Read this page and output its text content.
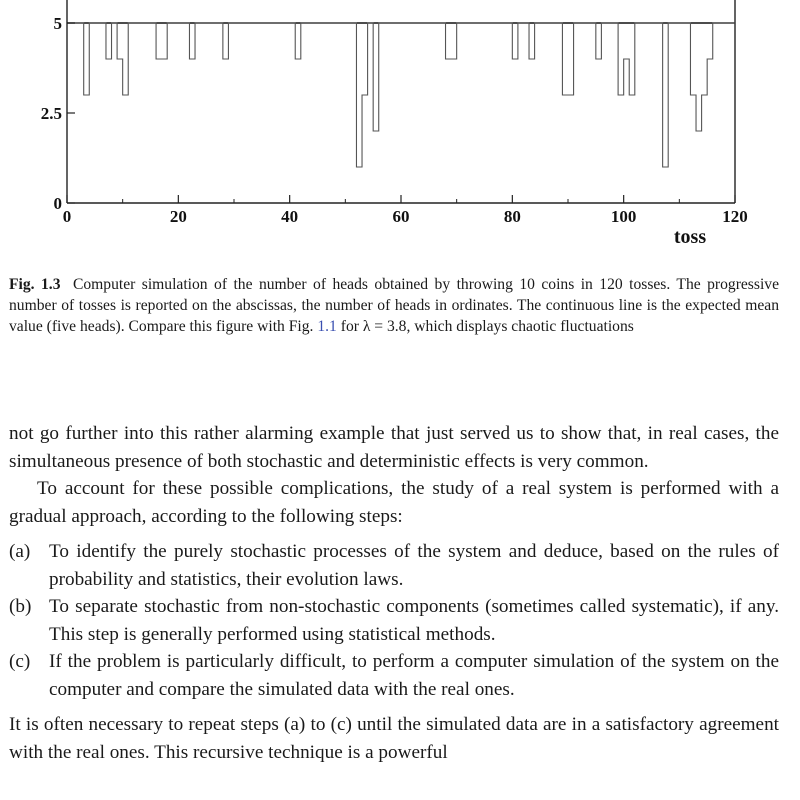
0	20	40	60	80	100	120
0
2.5
5
toss
Fig. 1.3 Computer simulation of the number of heads obtained by throwing 10 coins in 120 tosses. The progressive number of tosses is reported on the abscissas, the number of heads in ordinates. The continuous line is the expected mean value (five heads). Compare this figure with Fig. 1.1 for λ = 3.8, which displays chaotic fluctuations

not go further into this rather alarming example that just served us to show that, in real cases, the simultaneous presence of both stochastic and deterministic effects is very common.

To account for these possible complications, the study of a real system is performed with a gradual approach, according to the following steps:

(a) To identify the purely stochastic processes of the system and deduce, based on the rules of probability and statistics, their evolution laws.
(b) To separate stochastic from non-stochastic components (sometimes called systematic), if any. This step is generally performed using statistical methods.
(c) If the problem is particularly difficult, to perform a computer simulation of the system on the computer and compare the simulated data with the real ones.

It is often necessary to repeat steps (a) to (c) until the simulated data are in a satisfactory agreement with the real ones. This recursive technique is a powerful
